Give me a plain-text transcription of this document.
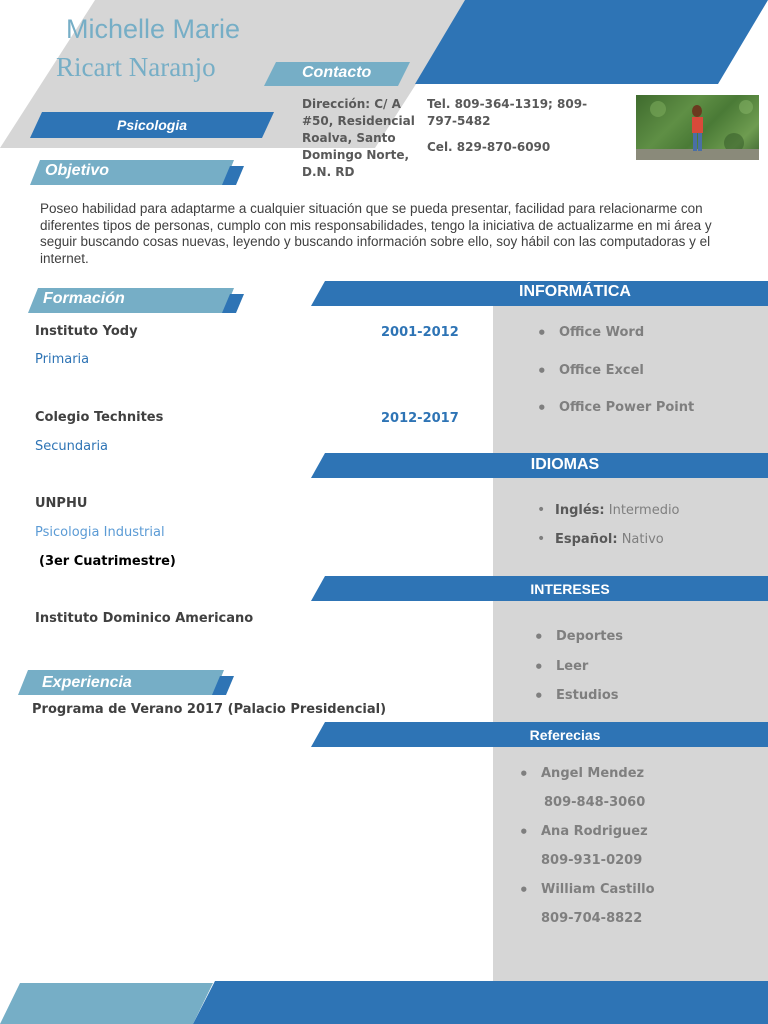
Michelle Marie
Ricart Naranjo
Psicologia
Contacto
Dirección: C/ A #50, Residencial Roalva, Santo Domingo Norte, D.N. RD
Tel. 809-364-1319; 809-797-5482
Cel. 829-870-6090
Objetivo
Poseo habilidad para adaptarme a cualquier situación que se pueda presentar, facilidad para relacionarme con diferentes tipos de personas, cumplo con mis responsabilidades, tengo la iniciativa de actualizarme en mi área y seguir buscando cosas nuevas, leyendo y buscando información sobre ello, soy hábil con las computadoras y el internet.
Formación
Instituto Yody
Primaria
2001-2012
Colegio Technites
Secundaria
2012-2017
UNPHU
Psicologia Industrial
(3er Cuatrimestre)
Instituto Dominico Americano
Experiencia
Programa de Verano 2017 (Palacio Presidencial)
INFORMÁTICA
• Office Word
• Office Excel
• Office Power Point
IDIOMAS
• Inglés: Intermedio
• Español: Nativo
INTERESES
• Deportes
• Leer
• Estudios
Referecias
• Angel Mendez
809-848-3060
• Ana Rodriguez
809-931-0209
• William Castillo
809-704-8822
